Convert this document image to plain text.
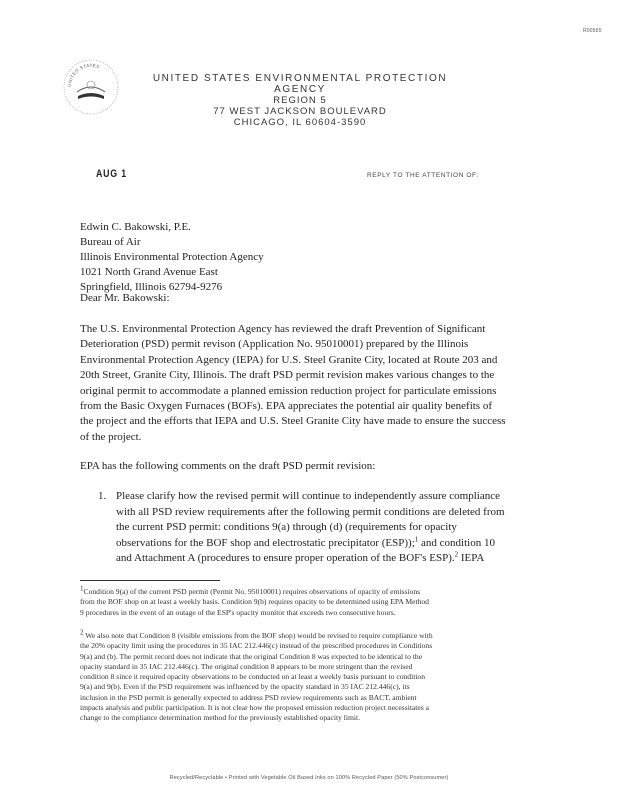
R00565
UNITED STATES
UNITED STATES ENVIRONMENTAL PROTECTION AGENCY
REGION 5
77 WEST JACKSON BOULEVARD
CHICAGO, IL 60604-3590
AUG 1	REPLY TO THE ATTENTION OF:
Edwin C. Bakowski, P.E.
Bureau of Air
Illinois Environmental Protection Agency
1021 North Grand Avenue East
Springfield, Illinois 62794-9276
Dear Mr. Bakowski:
The U.S. Environmental Protection Agency has reviewed the draft Prevention of Significant
Deterioration (PSD) permit revison (Application No. 95010001) prepared by the Illinois
Environmental Protection Agency (IEPA) for U.S. Steel Granite City, located at Route 203 and
20th Street, Granite City, Illinois. The draft PSD permit revision makes various changes to the
original permit to accommodate a planned emission reduction project for particulate emissions
from the Basic Oxygen Furnaces (BOFs). EPA appreciates the potential air quality benefits of
the project and the efforts that IEPA and U.S. Steel Granite City have made to ensure the success
of the project.
EPA has the following comments on the draft PSD permit revision:
1. Please clarify how the revised permit will continue to independently assure compliance
with all PSD review requirements after the following permit conditions are deleted from
the current PSD permit: conditions 9(a) through (d) (requirements for opacity
observations for the BOF shop and electrostatic precipitator (ESP));$^1$ and condition 10
and Attachment A (procedures to ensure proper operation of the BOF's ESP).$^2$ IEPA
$^1$Condition 9(a) of the current PSD permit (Permit No. 95010001) requires observations of opacity of emissions
from the BOF shop on at least a weekly basis. Condition 9(b) requires opacity to be determined using EPA Method
9 procedures in the event of an outage of the ESP's opacity monitor that exceeds two consecutive hours.
$^2$ We also note that Condition 8 (visible emissions from the BOF shop) would be revised to require compliance with
the 20% opacity limit using the procedures in 35 IAC 212.446(c) instead of the prescribed procedures in Conditions
9(a) and (b). The permit record does not indicate that the original Condition 8 was expected to be identical to the
opacity standard in 35 IAC 212.446(c). The original condition 8 appears to be more stringent than the revised
condition 8 since it required opacity observations to be conducted on at least a weekly basis pursuant to condition
9(a) and 9(b). Even if the PSD requirement was influenced by the opacity standard in 35 IAC 212.446(c), its
inclusion in the PSD permit is generally expected to address PSD review requirements such as BACT, ambient
impacts analysis and public participation. It is not clear how the proposed emission reduction project necessitates a
change to the compliance determination method for the previously established opacity limit.
Recycled/Recyclable • Printed with Vegetable Oil Based Inks on 100% Recycled Paper (50% Postconsumer)
